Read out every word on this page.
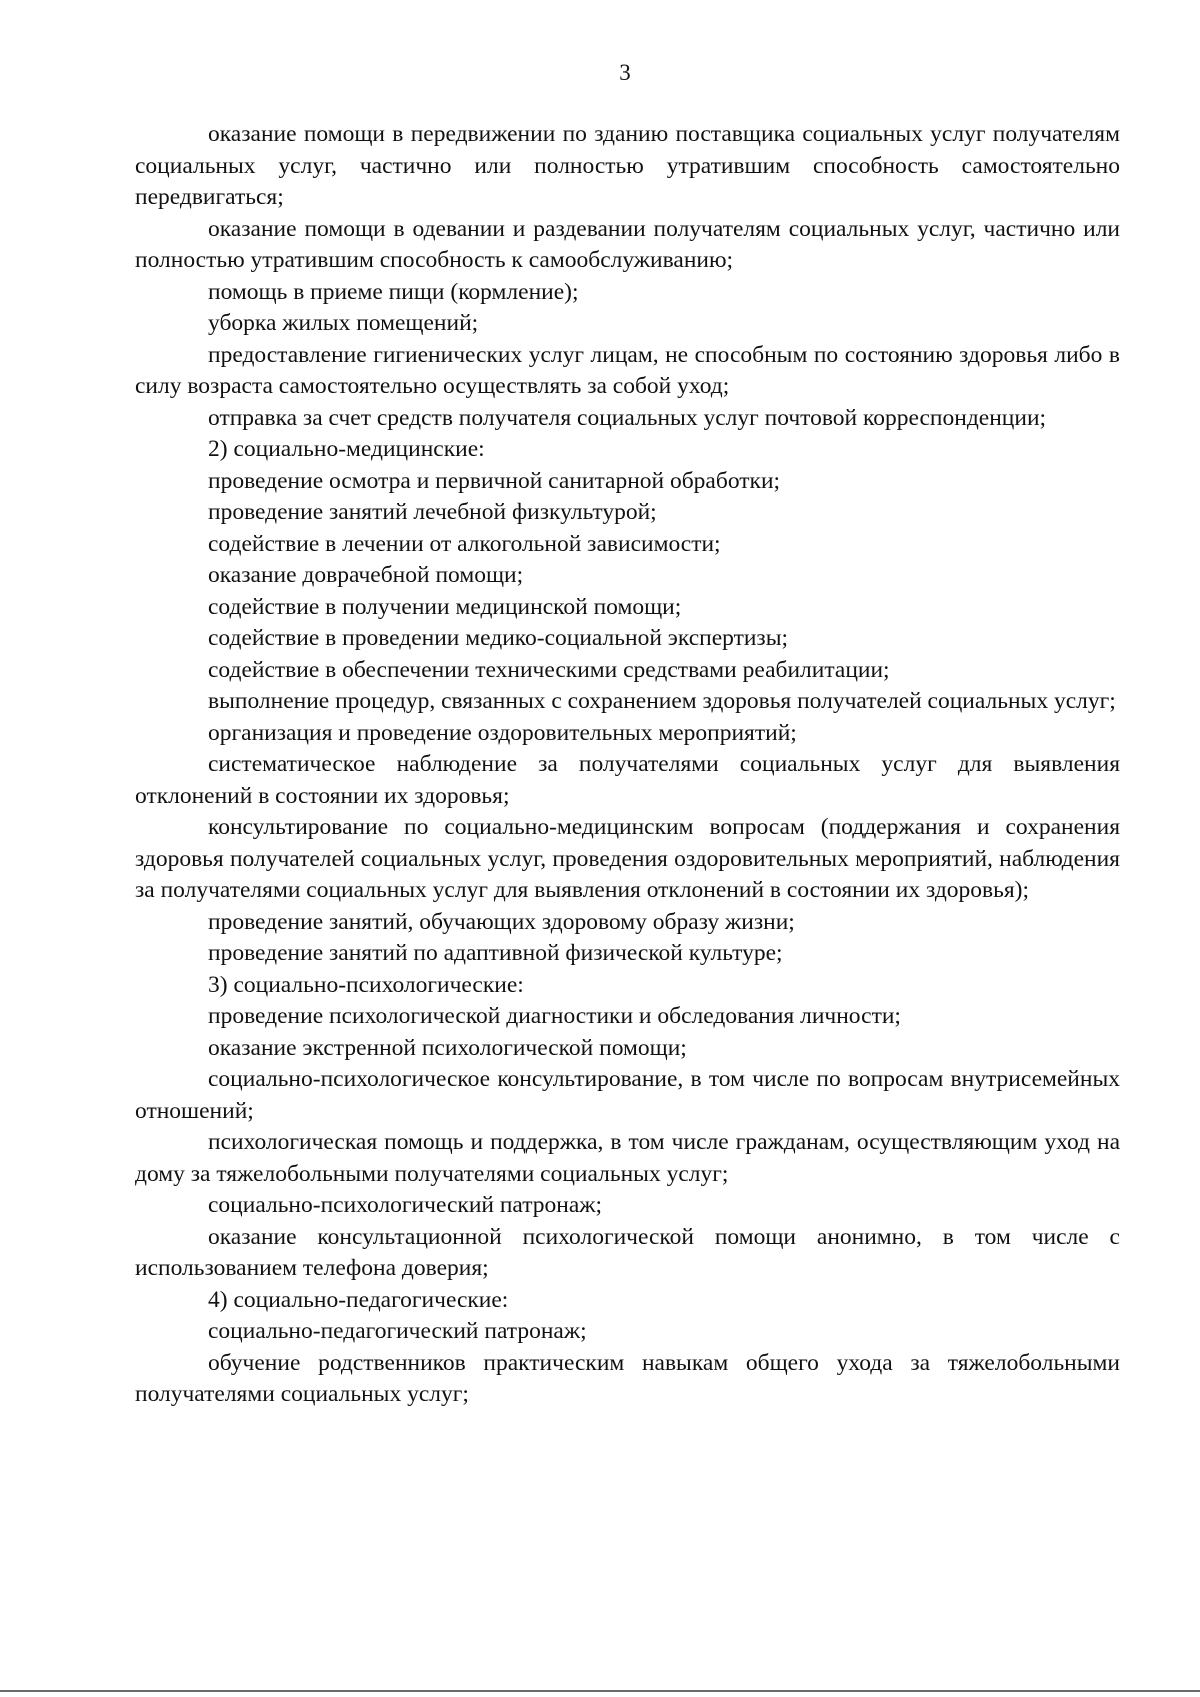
3

оказание помощи в передвижении по зданию поставщика социальных услуг получателям социальных услуг, частично или полностью утратившим способность самостоятельно передвигаться;

оказание помощи в одевании и раздевании получателям социальных услуг, частично или полностью утратившим способность к самообслуживанию;

помощь в приеме пищи (кормление);

уборка жилых помещений;

предоставление гигиенических услуг лицам, не способным по состоянию здоровья либо в силу возраста самостоятельно осуществлять за собой уход;

отправка за счет средств получателя социальных услуг почтовой корреспонденции;

2) социально-медицинские:

проведение осмотра и первичной санитарной обработки;

проведение занятий лечебной физкультурой;

содействие в лечении от алкогольной зависимости;

оказание доврачебной помощи;

содействие в получении медицинской помощи;

содействие в проведении медико-социальной экспертизы;

содействие в обеспечении техническими средствами реабилитации;

выполнение процедур, связанных с сохранением здоровья получателей социальных услуг;

организация и проведение оздоровительных мероприятий;

систематическое наблюдение за получателями социальных услуг для выявления отклонений в состоянии их здоровья;

консультирование по социально-медицинским вопросам (поддержания и сохранения здоровья получателей социальных услуг, проведения оздоровительных мероприятий, наблюдения за получателями социальных услуг для выявления отклонений в состоянии их здоровья);

проведение занятий, обучающих здоровому образу жизни;

проведение занятий по адаптивной физической культуре;

3) социально-психологические:

проведение психологической диагностики и обследования личности;

оказание экстренной психологической помощи;

социально-психологическое консультирование, в том числе по вопросам внутрисемейных отношений;

психологическая помощь и поддержка, в том числе гражданам, осуществляющим уход на дому за тяжелобольными получателями социальных услуг;

социально-психологический патронаж;

оказание консультационной психологической помощи анонимно, в том числе с использованием телефона доверия;

4) социально-педагогические:

социально-педагогический патронаж;

обучение родственников практическим навыкам общего ухода за тяжелобольными получателями социальных услуг;
